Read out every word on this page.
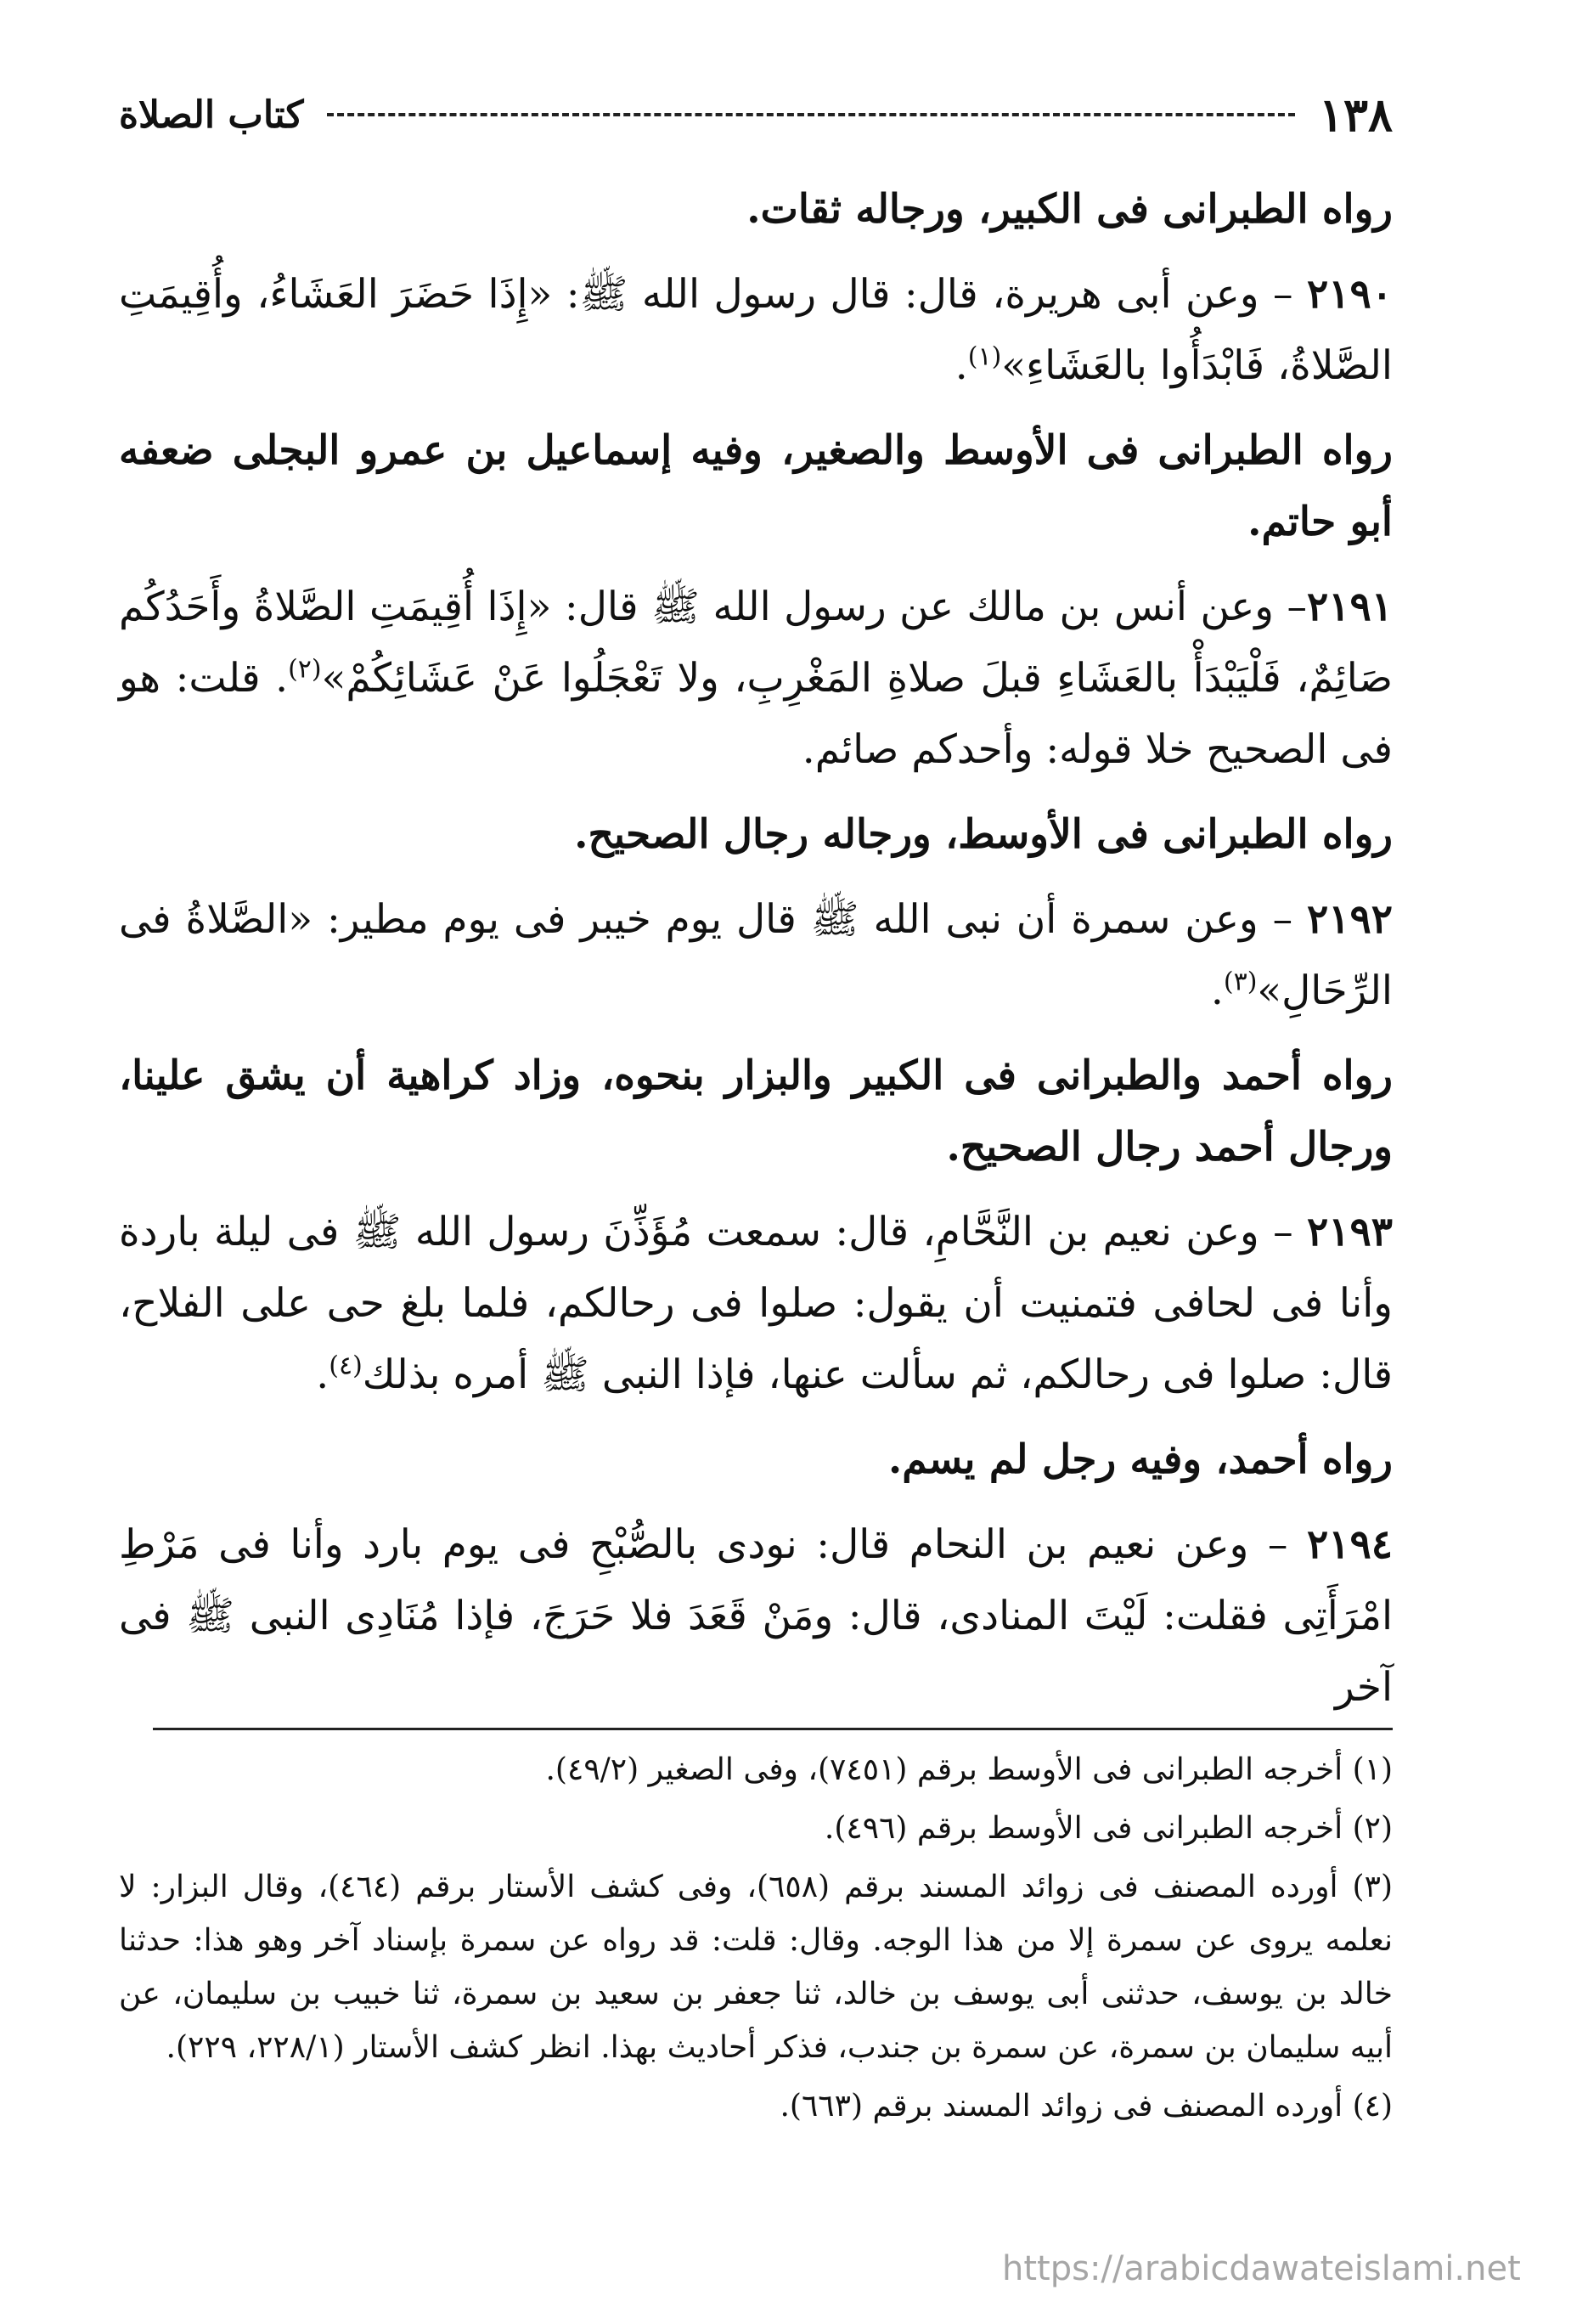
١٣٨
كتاب الصلاة

رواه الطبرانى فى الكبير، ورجاله ثقات.

٢١٩٠ – وعن أبى هريرة، قال: قال رسول الله ﷺ: «إِذَا حَضَرَ العَشَاءُ، وأُقِيمَتِ الصَّلاةُ، فَابْدَأُوا بالعَشَاءِ»$^{(١)}$.

رواه الطبرانى فى الأوسط والصغير، وفيه إسماعيل بن عمرو البجلى ضعفه أبو حاتم.

٢١٩١– وعن أنس بن مالك عن رسول الله ﷺ قال: «إِذَا أُقِيمَتِ الصَّلاةُ وأَحَدُكُم صَائِمٌ، فَلْيَبْدَأْ بالعَشَاءِ قبلَ صلاةِ المَغْرِبِ، ولا تَعْجَلُوا عَنْ عَشَائِكُمْ»$^{(٢)}$. قلت: هو فى الصحيح خلا قوله: وأحدكم صائم.

رواه الطبرانى فى الأوسط، ورجاله رجال الصحيح.

٢١٩٢ – وعن سمرة أن نبى الله ﷺ قال يوم خيبر فى يوم مطير: «الصَّلاةُ فى الرِّحَالِ»$^{(٣)}$.

رواه أحمد والطبرانى فى الكبير والبزار بنحوه، وزاد كراهية أن يشق علينا، ورجال أحمد رجال الصحيح.

٢١٩٣ – وعن نعيم بن النَّحَّامِ، قال: سمعت مُؤَذِّنَ رسول الله ﷺ فى ليلة باردة وأنا فى لحافى فتمنيت أن يقول: صلوا فى رحالكم، فلما بلغ حى على الفلاح، قال: صلوا فى رحالكم، ثم سألت عنها، فإذا النبى ﷺ أمره بذلك$^{(٤)}$.

رواه أحمد، وفيه رجل لم يسم.

٢١٩٤ – وعن نعيم بن النحام قال: نودى بالصُّبْحِ فى يوم بارد وأنا فى مَرْطِ امْرَأَتِى فقلت: لَيْتَ المنادى، قال: ومَنْ قَعَدَ فلا حَرَجَ، فإذا مُنَادِى النبى ﷺ فى آخر

(١) أخرجه الطبرانى فى الأوسط برقم (٧٤٥١)، وفى الصغير (٤٩/٢).

(٢) أخرجه الطبرانى فى الأوسط برقم (٤٩٦).

(٣) أورده المصنف فى زوائد المسند برقم (٦٥٨)، وفى كشف الأستار برقم (٤٦٤)، وقال البزار: لا نعلمه يروى عن سمرة إلا من هذا الوجه. وقال: قلت: قد رواه عن سمرة بإسناد آخر وهو هذا: حدثنا خالد بن يوسف، حدثنى أبى يوسف بن خالد، ثنا جعفر بن سعيد بن سمرة، ثنا خبيب بن سليمان، عن أبيه سليمان بن سمرة، عن سمرة بن جندب، فذكر أحاديث بهذا. انظر كشف الأستار (٢٢٨/١، ٢٢٩).

(٤) أورده المصنف فى زوائد المسند برقم (٦٦٣).

https://arabicdawateislami.net
